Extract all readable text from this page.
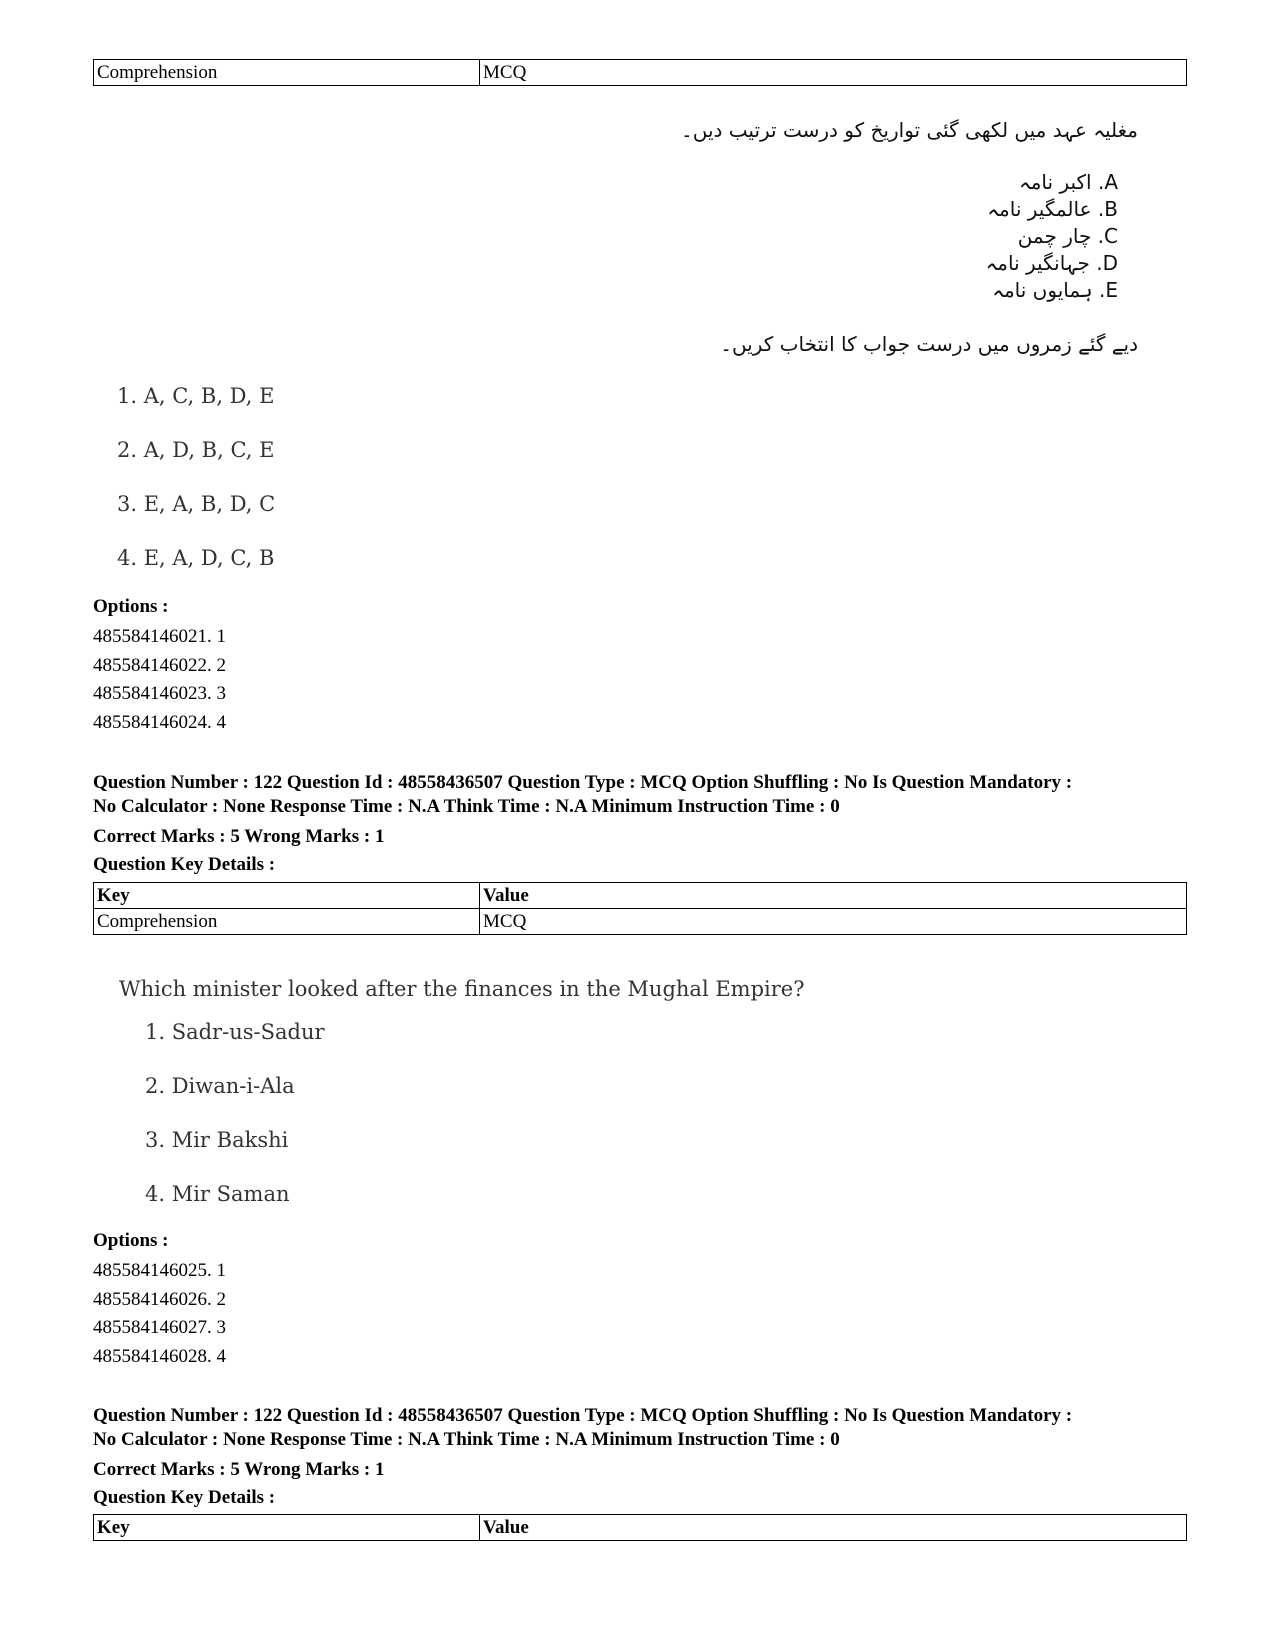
Comprehension	MCQ
مغلیہ عہد میں لکھی گئی تواریخ کو درست ترتیب دیں۔
A. اکبر نامہ
B. عالمگیر نامہ
C. چار چمن
D. جہانگیر نامہ
E. ہمایوں نامہ
دیے گئے زمروں میں درست جواب کا انتخاب کریں۔
1. A, C, B, D, E
2. A, D, B, C, E
3. E, A, B, D, C
4. E, A, D, C, B
Options :
485584146021. 1
485584146022. 2
485584146023. 3
485584146024. 4
Question Number : 122 Question Id : 48558436507 Question Type : MCQ Option Shuffling : No Is Question Mandatory :
No Calculator : None Response Time : N.A Think Time : N.A Minimum Instruction Time : 0
Correct Marks : 5 Wrong Marks : 1
Question Key Details :
Key	Value
Comprehension	MCQ
Which minister looked after the finances in the Mughal Empire?
1. Sadr-us-Sadur
2. Diwan-i-Ala
3. Mir Bakshi
4. Mir Saman
Options :
485584146025. 1
485584146026. 2
485584146027. 3
485584146028. 4
Question Number : 122 Question Id : 48558436507 Question Type : MCQ Option Shuffling : No Is Question Mandatory :
No Calculator : None Response Time : N.A Think Time : N.A Minimum Instruction Time : 0
Correct Marks : 5 Wrong Marks : 1
Question Key Details :
Key	Value
